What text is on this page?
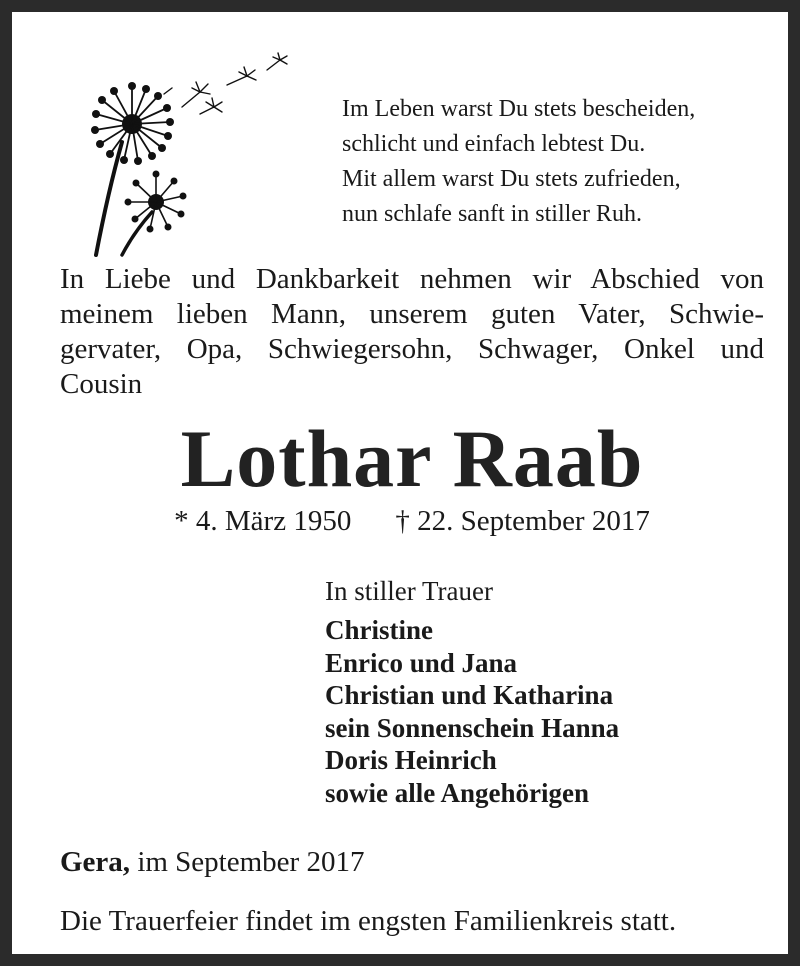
Im Leben warst Du stets bescheiden,
schlicht und einfach lebtest Du.
Mit allem warst Du stets zufrieden,
nun schlafe sanft in stiller Ruh.
In Liebe und Dankbarkeit nehmen wir Abschied von
meinem lieben Mann, unserem guten Vater, Schwie-
gervater, Opa, Schwiegersohn, Schwager, Onkel und
Cousin
Lothar Raab
* 4. März 1950 † 22. September 2017
In stiller Trauer
Christine
Enrico und Jana
Christian und Katharina
sein Sonnenschein Hanna
Doris Heinrich
sowie alle Angehörigen
Gera, im September 2017
Die Trauerfeier findet im engsten Familienkreis statt.
